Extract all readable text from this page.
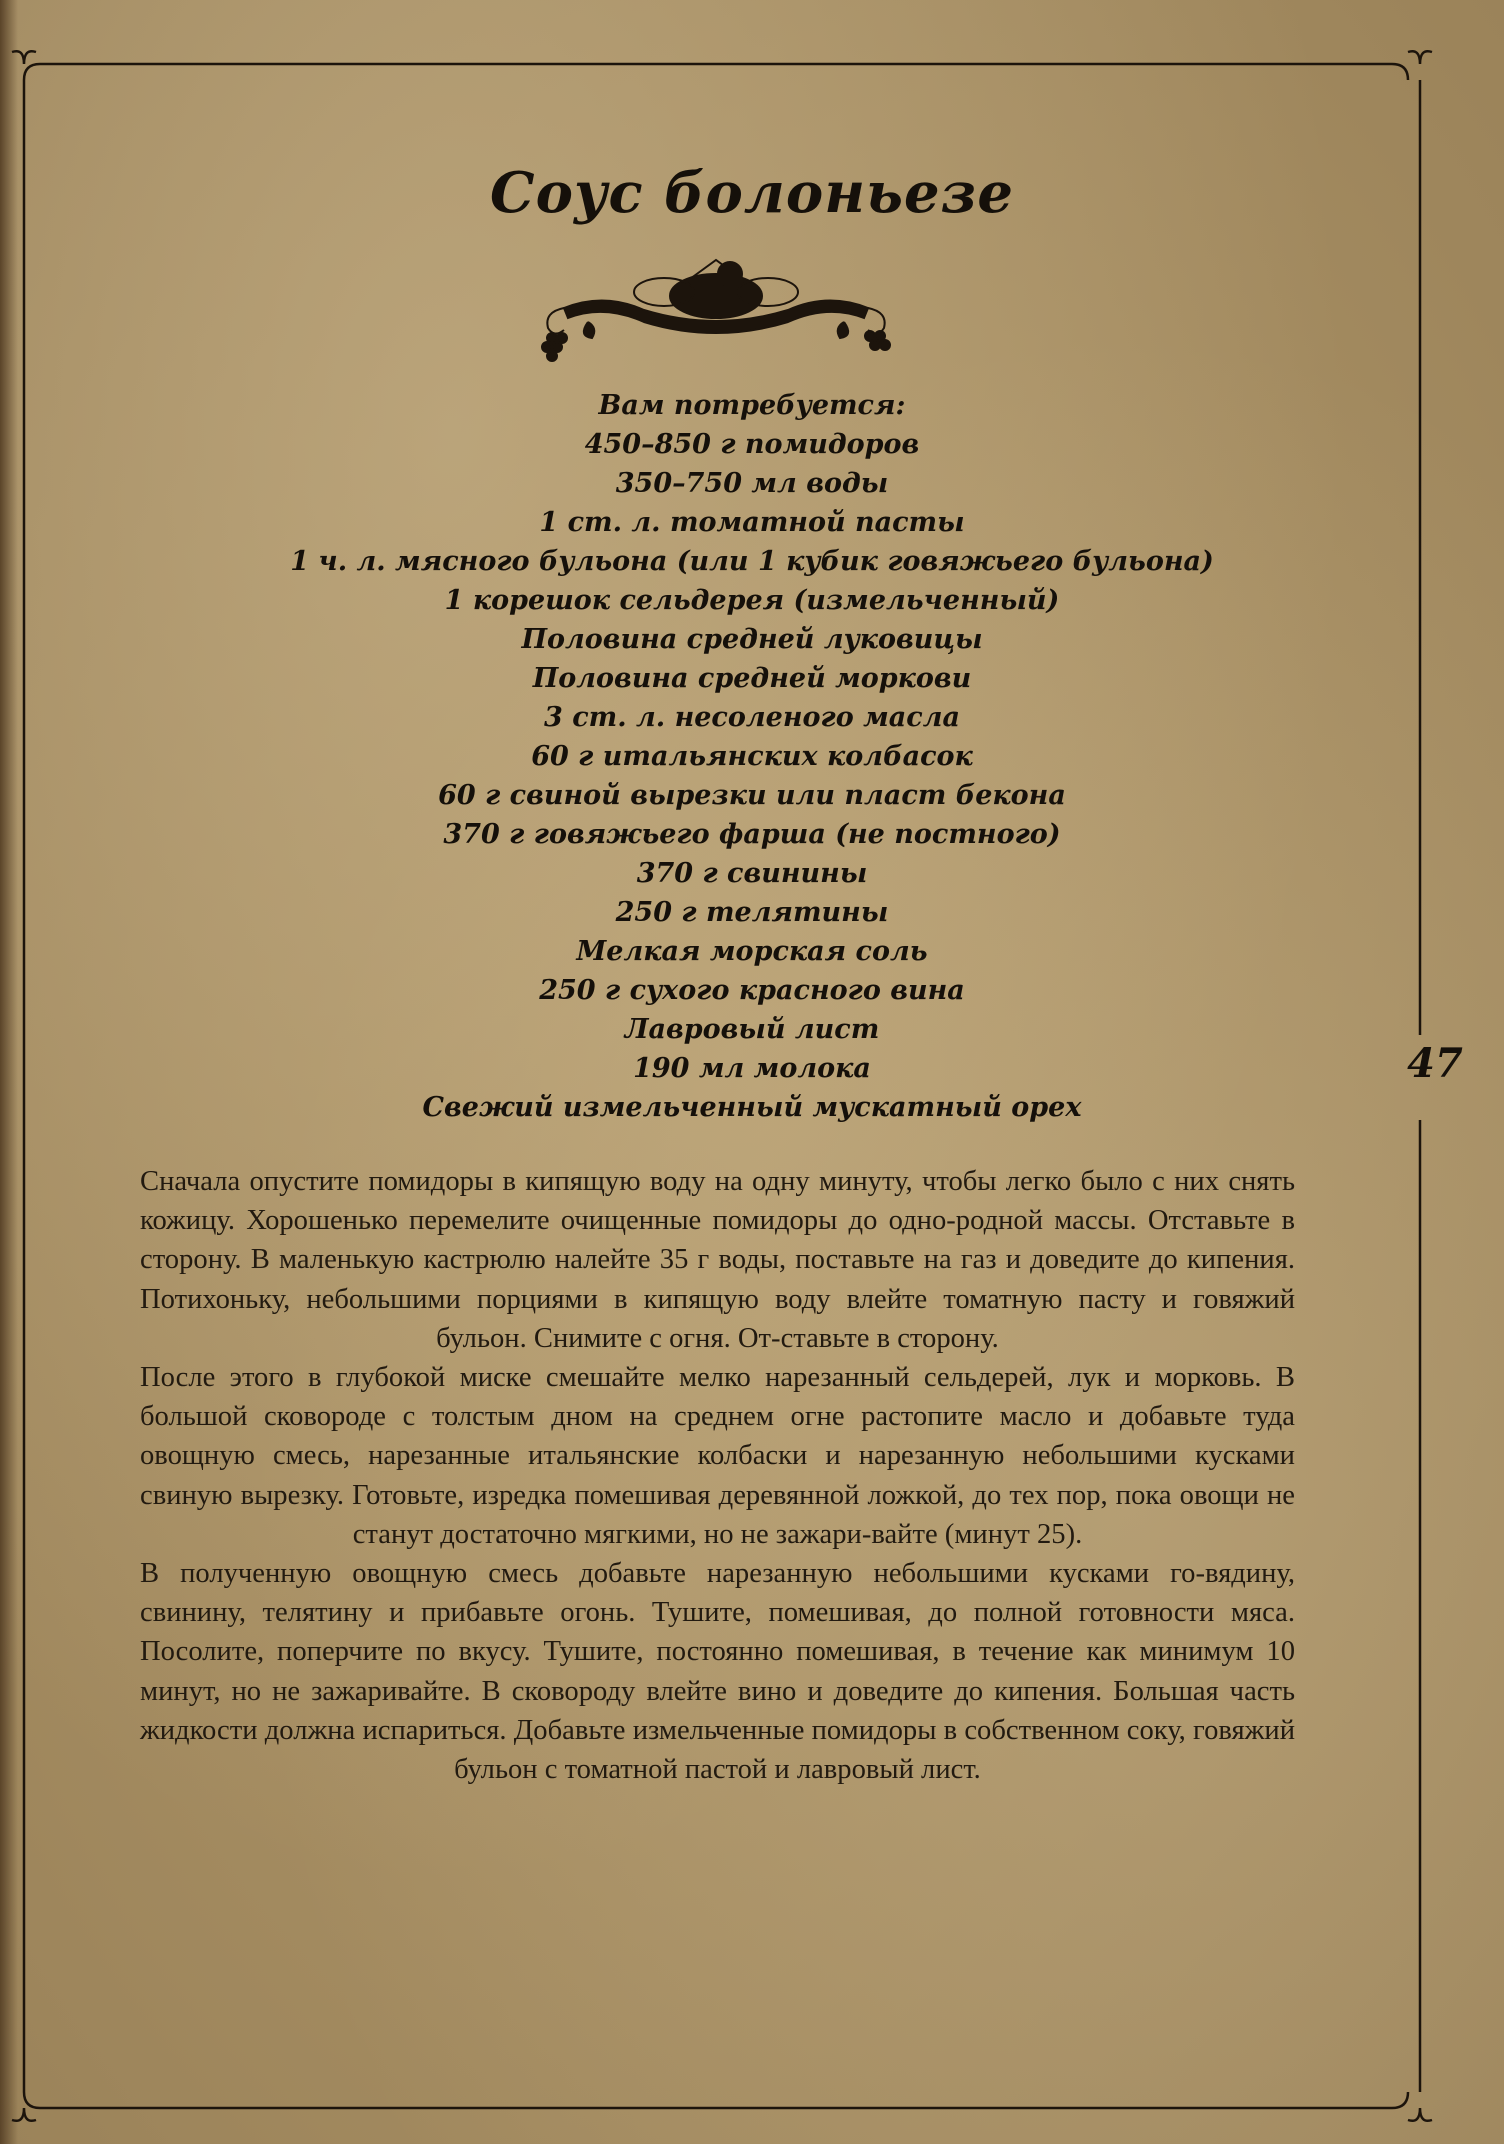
Соус болоньезе
Вам потребуется:
450–850 г помидоров
350–750 мл воды
1 ст. л. томатной пасты
1 ч. л. мясного бульона (или 1 кубик говяжьего бульона)
1 корешок сельдерея (измельченный)
Половина средней луковицы
Половина средней моркови
3 ст. л. несоленого масла
60 г итальянских колбасок
60 г свиной вырезки или пласт бекона
370 г говяжьего фарша (не постного)
370 г свинины
250 г телятины
Мелкая морская соль
250 г сухого красного вина
Лавровый лист
190 мл молока
Свежий измельченный мускатный орех
47

Сначала опустите помидоры в кипящую воду на одну минуту, чтобы легко было с них снять кожицу. Хорошенько перемелите очищенные помидоры до одно-родной массы. Отставьте в сторону. В маленькую кастрюлю налейте 35 г воды, поставьте на газ и доведите до кипения. Потихоньку, небольшими порциями в кипящую воду влейте томатную пасту и говяжий бульон. Снимите с огня. От-ставьте в сторону.

После этого в глубокой миске смешайте мелко нарезанный сельдерей, лук и морковь. В большой сковороде с толстым дном на среднем огне растопите масло и добавьте туда овощную смесь, нарезанные итальянские колбаски и нарезанную небольшими кусками свиную вырезку. Готовьте, изредка помешивая деревянной ложкой, до тех пор, пока овощи не станут достаточно мягкими, но не зажари-вайте (минут 25).

В полученную овощную смесь добавьте нарезанную небольшими кусками го-вядину, свинину, телятину и прибавьте огонь. Тушите, помешивая, до полной готовности мяса. Посолите, поперчите по вкусу. Тушите, постоянно помешивая, в течение как минимум 10 минут, но не зажаривайте. В сковороду влейте вино и доведите до кипения. Большая часть жидкости должна испариться. Добавьте измельченные помидоры в собственном соку, говяжий бульон с томатной пастой и лавровый лист.
